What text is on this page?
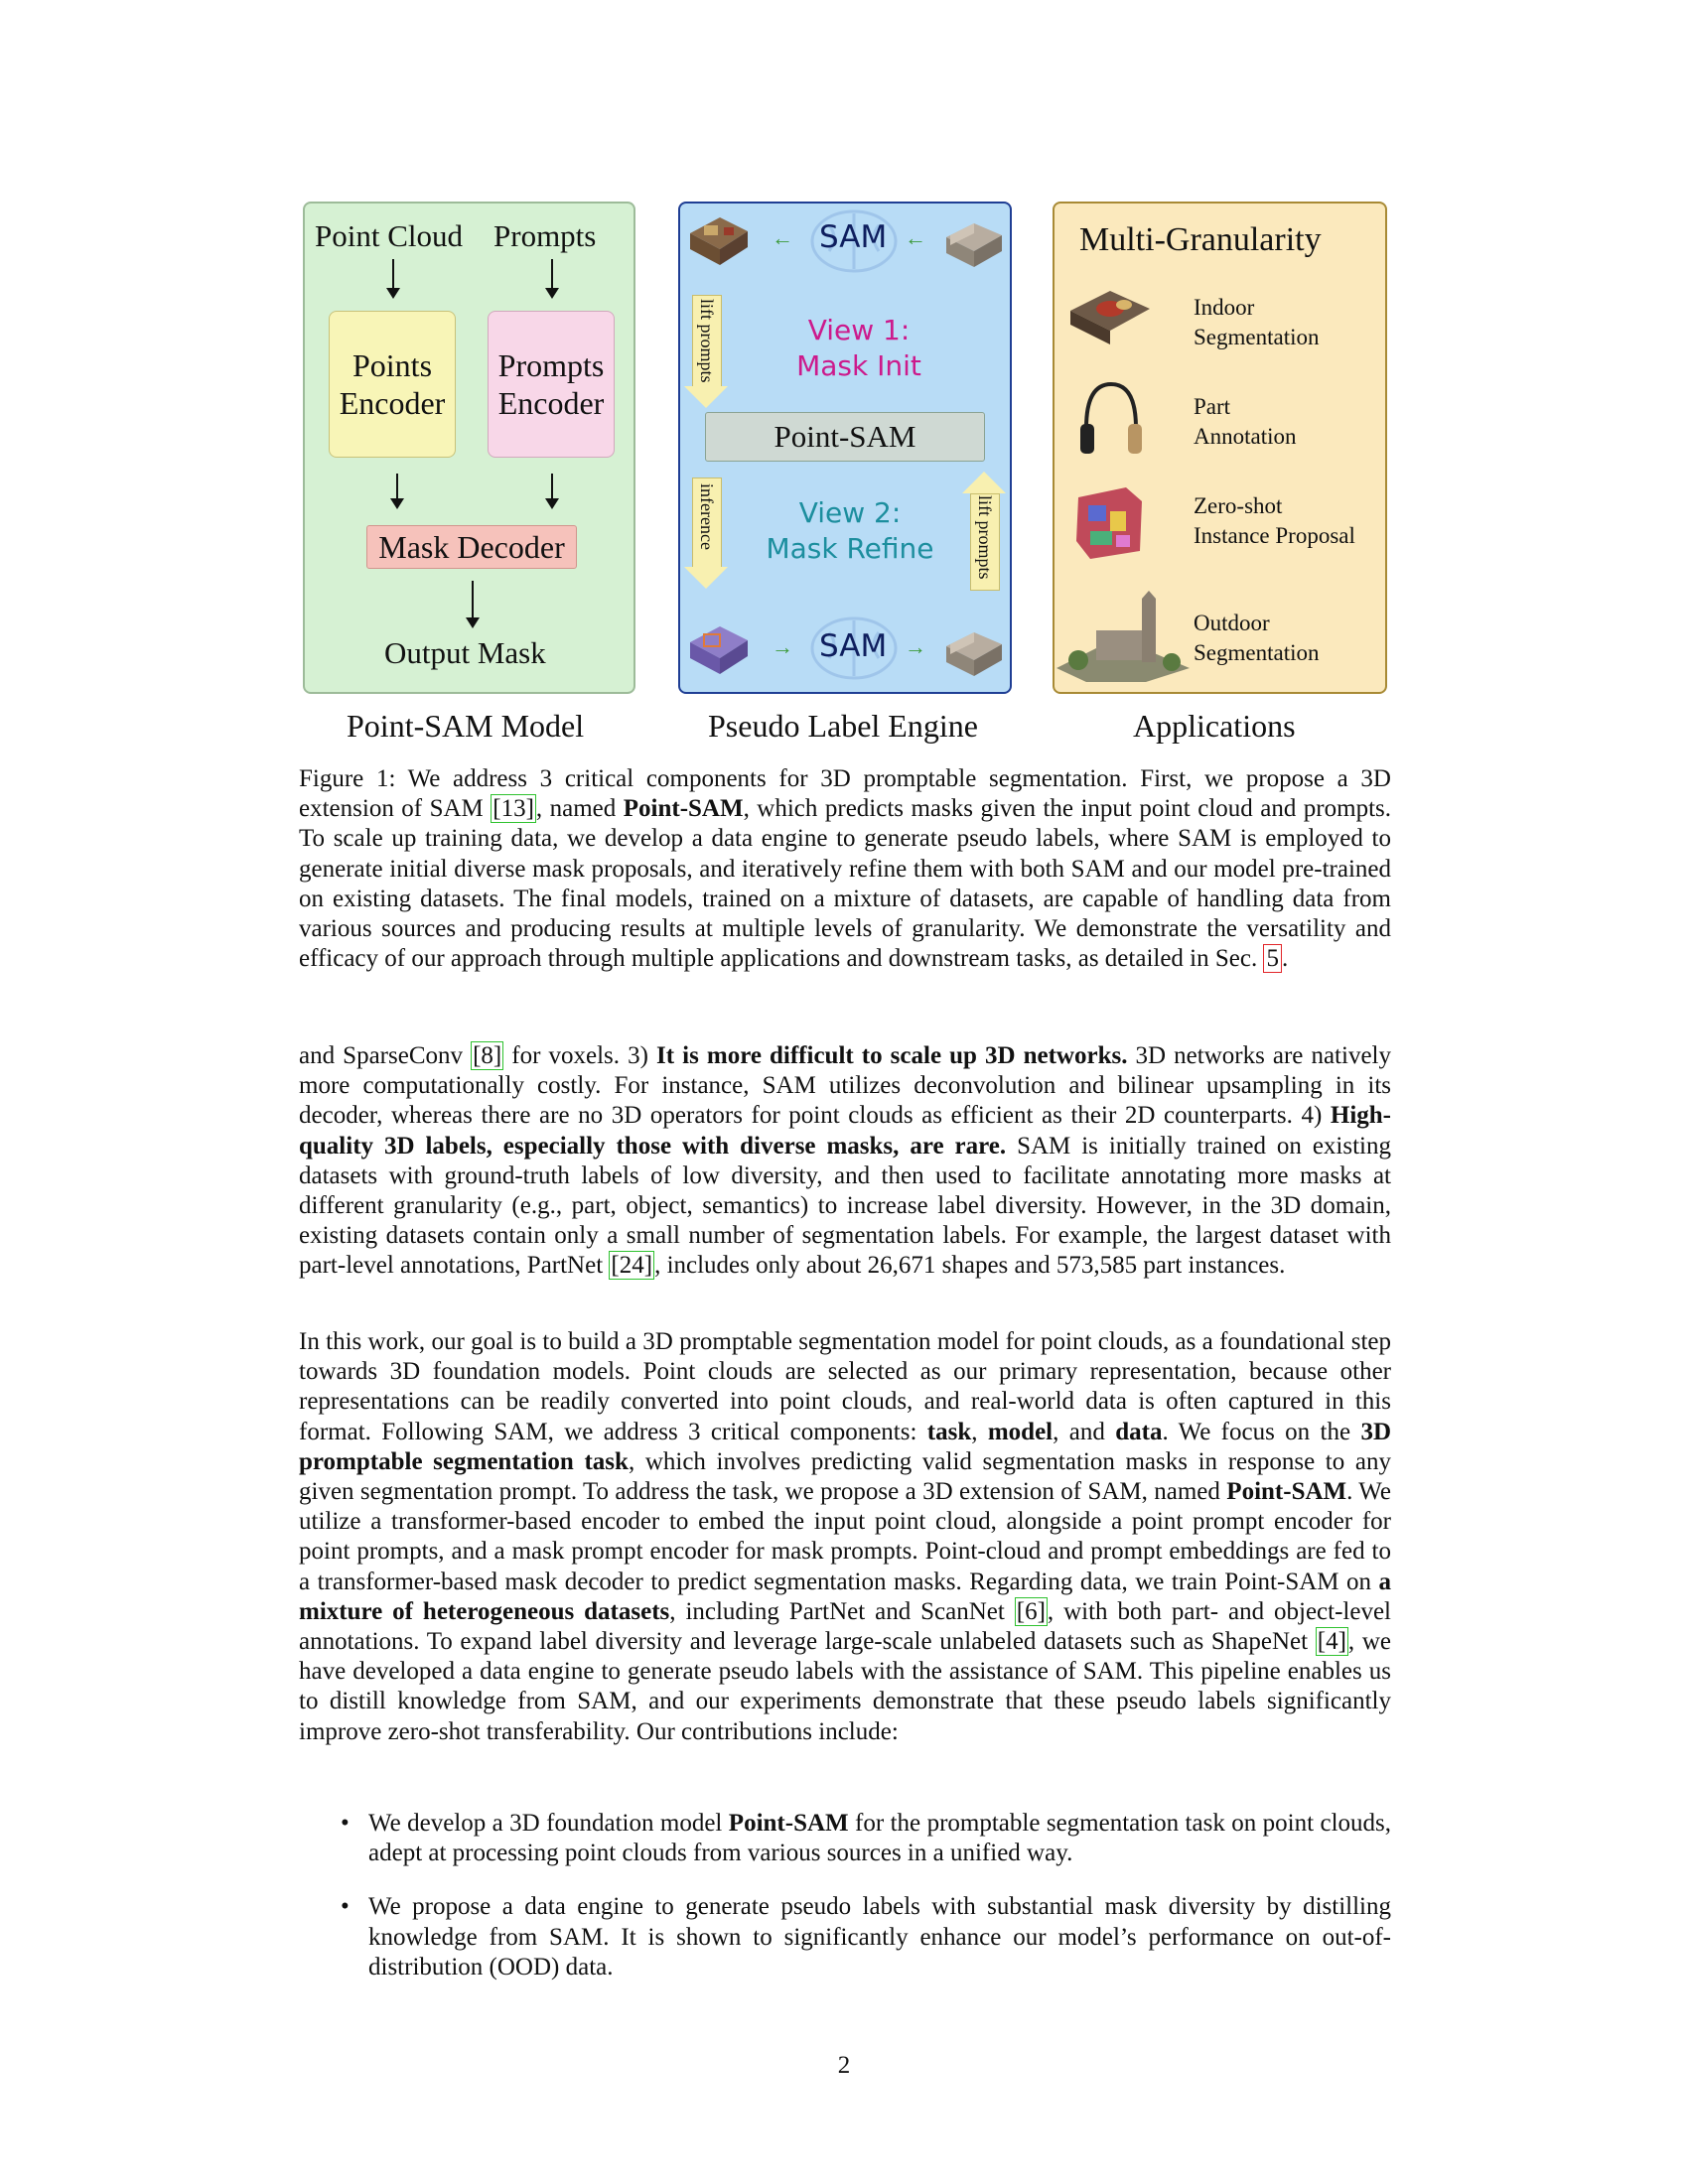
Point Cloud Prompts
Points Encoder
Prompts Encoder
Mask Decoder
Output Mask
← SAM ←
lift prompts	View 1:
Mask Init
Point-SAM
inference	View 2:
Mask Refine	lift prompts
→ SAM →
Multi-Granularity
Indoor
Segmentation
Part
Annotation
Zero-shot
Instance Proposal
Outdoor
Segmentation
Point-SAM Model	Pseudo Label Engine	Applications

Figure 1: We address 3 critical components for 3D promptable segmentation. First, we propose a 3D extension of SAM [13], named Point-SAM, which predicts masks given the input point cloud and prompts. To scale up training data, we develop a data engine to generate pseudo labels, where SAM is employed to generate initial diverse mask proposals, and iteratively refine them with both SAM and our model pre-trained on existing datasets. The final models, trained on a mixture of datasets, are capable of handling data from various sources and producing results at multiple levels of granularity. We demonstrate the versatility and efficacy of our approach through multiple applications and downstream tasks, as detailed in Sec. 5 .

and SparseConv [8] for voxels. 3) It is more difficult to scale up 3D networks. 3D networks are natively more computationally costly. For instance, SAM utilizes deconvolution and bilinear upsampling in its decoder, whereas there are no 3D operators for point clouds as efficient as their 2D counterparts. 4) High-quality 3D labels, especially those with diverse masks, are rare. SAM is initially trained on existing datasets with ground-truth labels of low diversity, and then used to facilitate annotating more masks at different granularity (e.g., part, object, semantics) to increase label diversity. However, in the 3D domain, existing datasets contain only a small number of segmentation labels. For example, the largest dataset with part-level annotations, PartNet [24], includes only about 26,671 shapes and 573,585 part instances.

In this work, our goal is to build a 3D promptable segmentation model for point clouds, as a foundational step towards 3D foundation models. Point clouds are selected as our primary representation, because other representations can be readily converted into point clouds, and real-world data is often captured in this format. Following SAM, we address 3 critical components: task, model, and data. We focus on the 3D promptable segmentation task, which involves predicting valid segmentation masks in response to any given segmentation prompt. To address the task, we propose a 3D extension of SAM, named Point-SAM. We utilize a transformer-based encoder to embed the input point cloud, alongside a point prompt encoder for point prompts, and a mask prompt encoder for mask prompts. Point-cloud and prompt embeddings are fed to a transformer-based mask decoder to predict segmentation masks. Regarding data, we train Point-SAM on a mixture of heterogeneous datasets, including PartNet and ScanNet [6], with both part- and object-level annotations. To expand label diversity and leverage large-scale unlabeled datasets such as ShapeNet [4], we have developed a data engine to generate pseudo labels with the assistance of SAM. This pipeline enables us to distill knowledge from SAM, and our experiments demonstrate that these pseudo labels significantly improve zero-shot transferability. Our contributions include:

• We develop a 3D foundation model Point-SAM for the promptable segmentation task on point clouds, adept at processing point clouds from various sources in a unified way.

• We propose a data engine to generate pseudo labels with substantial mask diversity by distilling knowledge from SAM. It is shown to significantly enhance our model’s performance on out-of-distribution (OOD) data.

2
